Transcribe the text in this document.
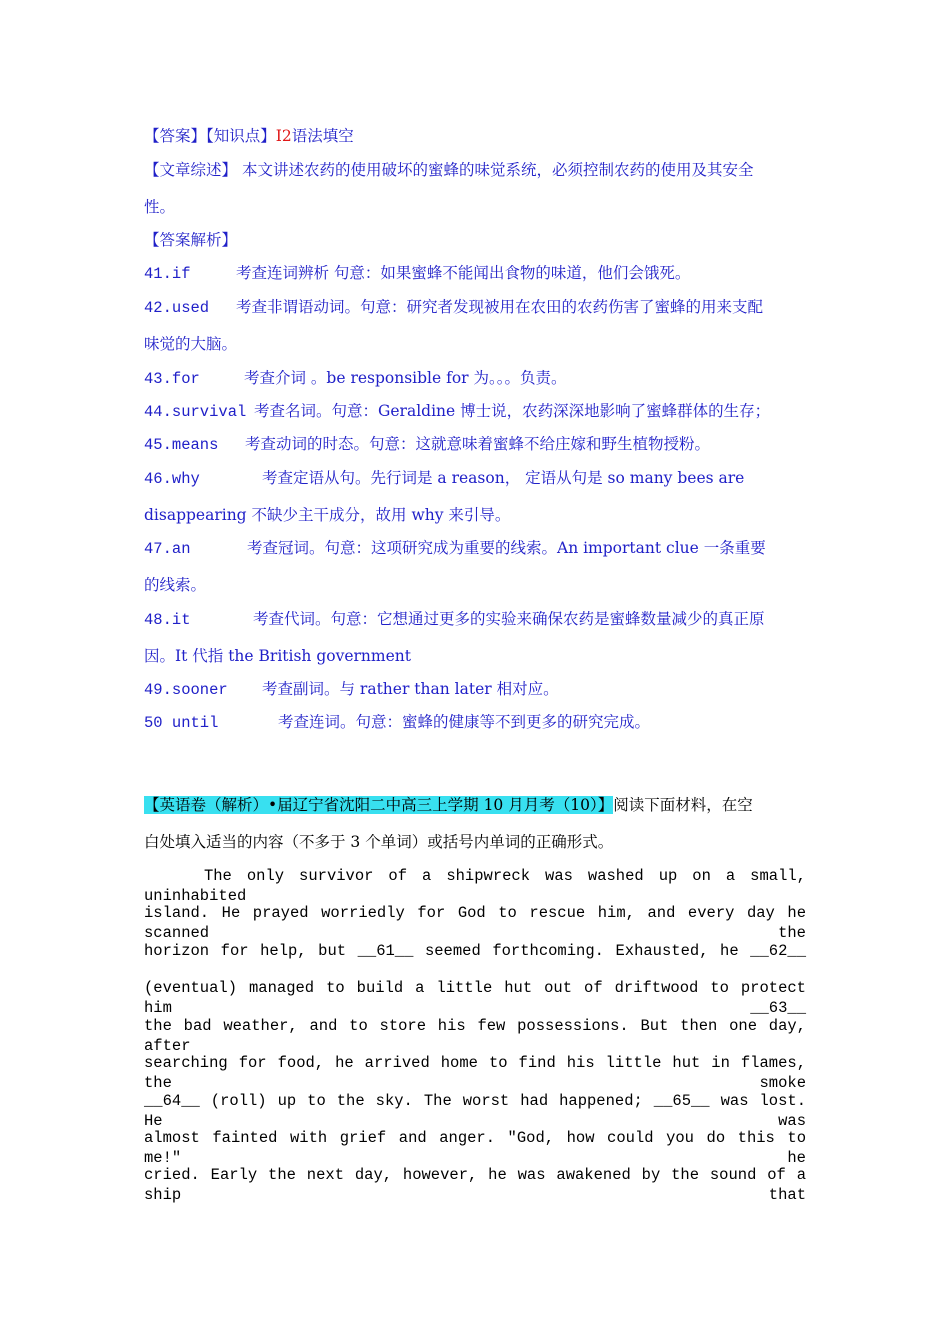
【答案】【知识点】I2语法填空
【文章综述】 本文讲述农药的使用破坏的蜜蜂的味觉系统，必须控制农药的使用及其安全
性。
【答案解析】
41.if	考查连词辨析 句意：如果蜜蜂不能闻出食物的味道，他们会饿死。
42.used 考查非谓语动词。句意：研究者发现被用在农田的农药伤害了蜜蜂的用来支配
味觉的大脑。
43.for	考查介词 。be responsible for 为。。。负责。
44.survival 考查名词。句意：Geraldine 博士说，农药深深地影响了蜜蜂群体的生存；
45.means 考查动词的时态。句意：这就意味着蜜蜂不给庄嫁和野生植物授粉。
46.why	考查定语从句。先行词是 a reason， 定语从句是 so many bees are
disappearing 不缺少主干成分，故用 why 来引导。
47.an	考查冠词。句意：这项研究成为重要的线索。An important clue 一条重要
的线索。
48.it	考查代词。句意：它想通过更多的实验来确保农药是蜜蜂数量减少的真正原
因。It 代指 the British government
49.sooner 考查副词。与 rather than later 相对应。
50 until	考查连词。句意：蜜蜂的健康等不到更多的研究完成。
【英语卷（解析）•届辽宁省沈阳二中高三上学期 10 月月考（10）】阅读下面材料，在空
白处填入适当的内容（不多于 3 个单词）或括号内单词的正确形式。
The only survivor of a shipwreck was washed up on a small, uninhabited
island. He prayed worriedly for God to rescue him, and every day he scanned the
horizon for help, but __61__ seemed forthcoming. Exhausted, he __62__
(eventual) managed to build a little hut out of driftwood to protect him __63__
the bad weather, and to store his few possessions. But then one day, after
searching for food, he arrived home to find his little hut in flames, the smoke
__64__ (roll) up to the sky. The worst had happened; __65__ was lost. He was
almost fainted with grief and anger. "God, how could you do this to me!" he
cried. Early the next day, however, he was awakened by the sound of a ship that
